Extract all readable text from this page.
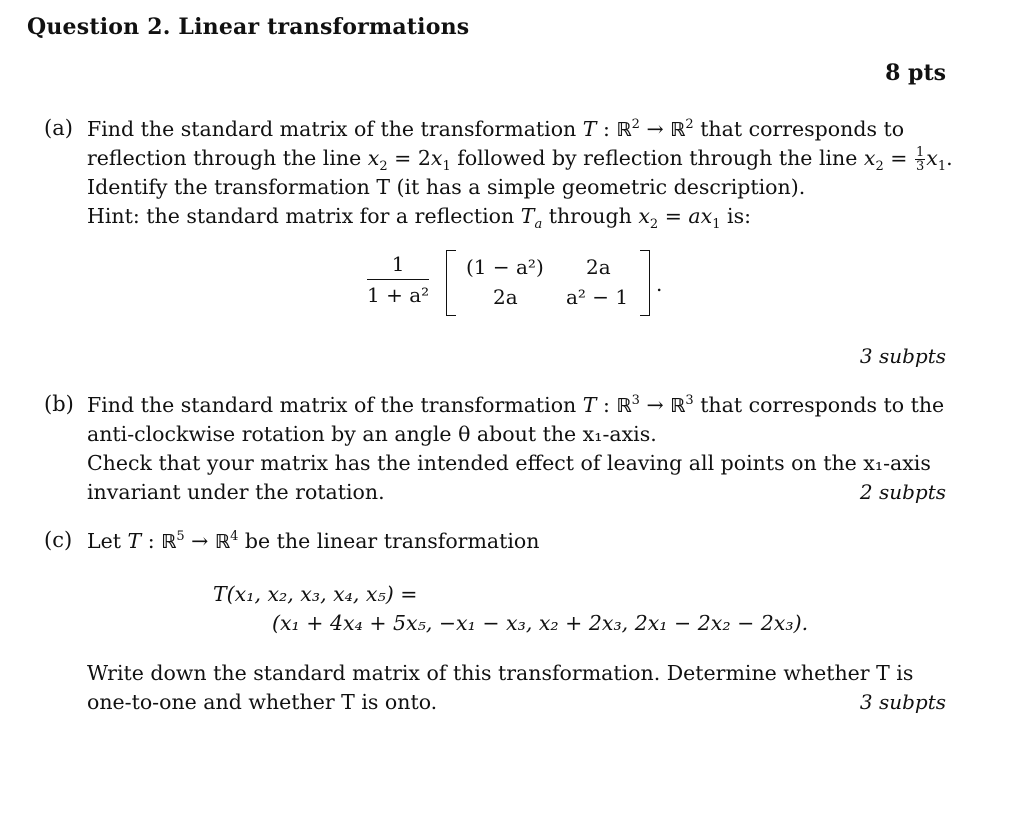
Question 2. Linear transformations
8 pts
(a) Find the standard matrix of the transformation T : ℝ$^2$ → ℝ$^2$ that corresponds to
reflection through the line $x_2 = 2x_1$ followed by reflection through the line $x_2 = \frac{1}{3} x_1$.
Identify the transformation T (it has a simple geometric description).
Hint: the standard matrix for a reflection $T_a$ through $x_2 = ax_1$ is:
$\frac{1}{\text{1 + a²}} (1 - a^2)$ 2a
2a a² − 1
.
3 subpts
(b) Find the standard matrix of the transformation T : ℝ$^3$ → ℝ$^3$ that corresponds to the
anti-clockwise rotation by an angle θ about the x₁-axis.
Check that your matrix has the intended effect of leaving all points on the x₁-axis
invariant under the rotation.	2 subpts
(c) Let T : ℝ$^5$ → ℝ$^4$ be the linear transformation
T(x₁, x₂, x₃, x₄, x₅) =
(x₁ + 4x₄ + 5x₅, −x₁ − x₃, x₂ + 2x₃, 2x₁ − 2x₂ − 2x₃).
Write down the standard matrix of this transformation. Determine whether T is
one-to-one and whether T is onto.	3 subpts
